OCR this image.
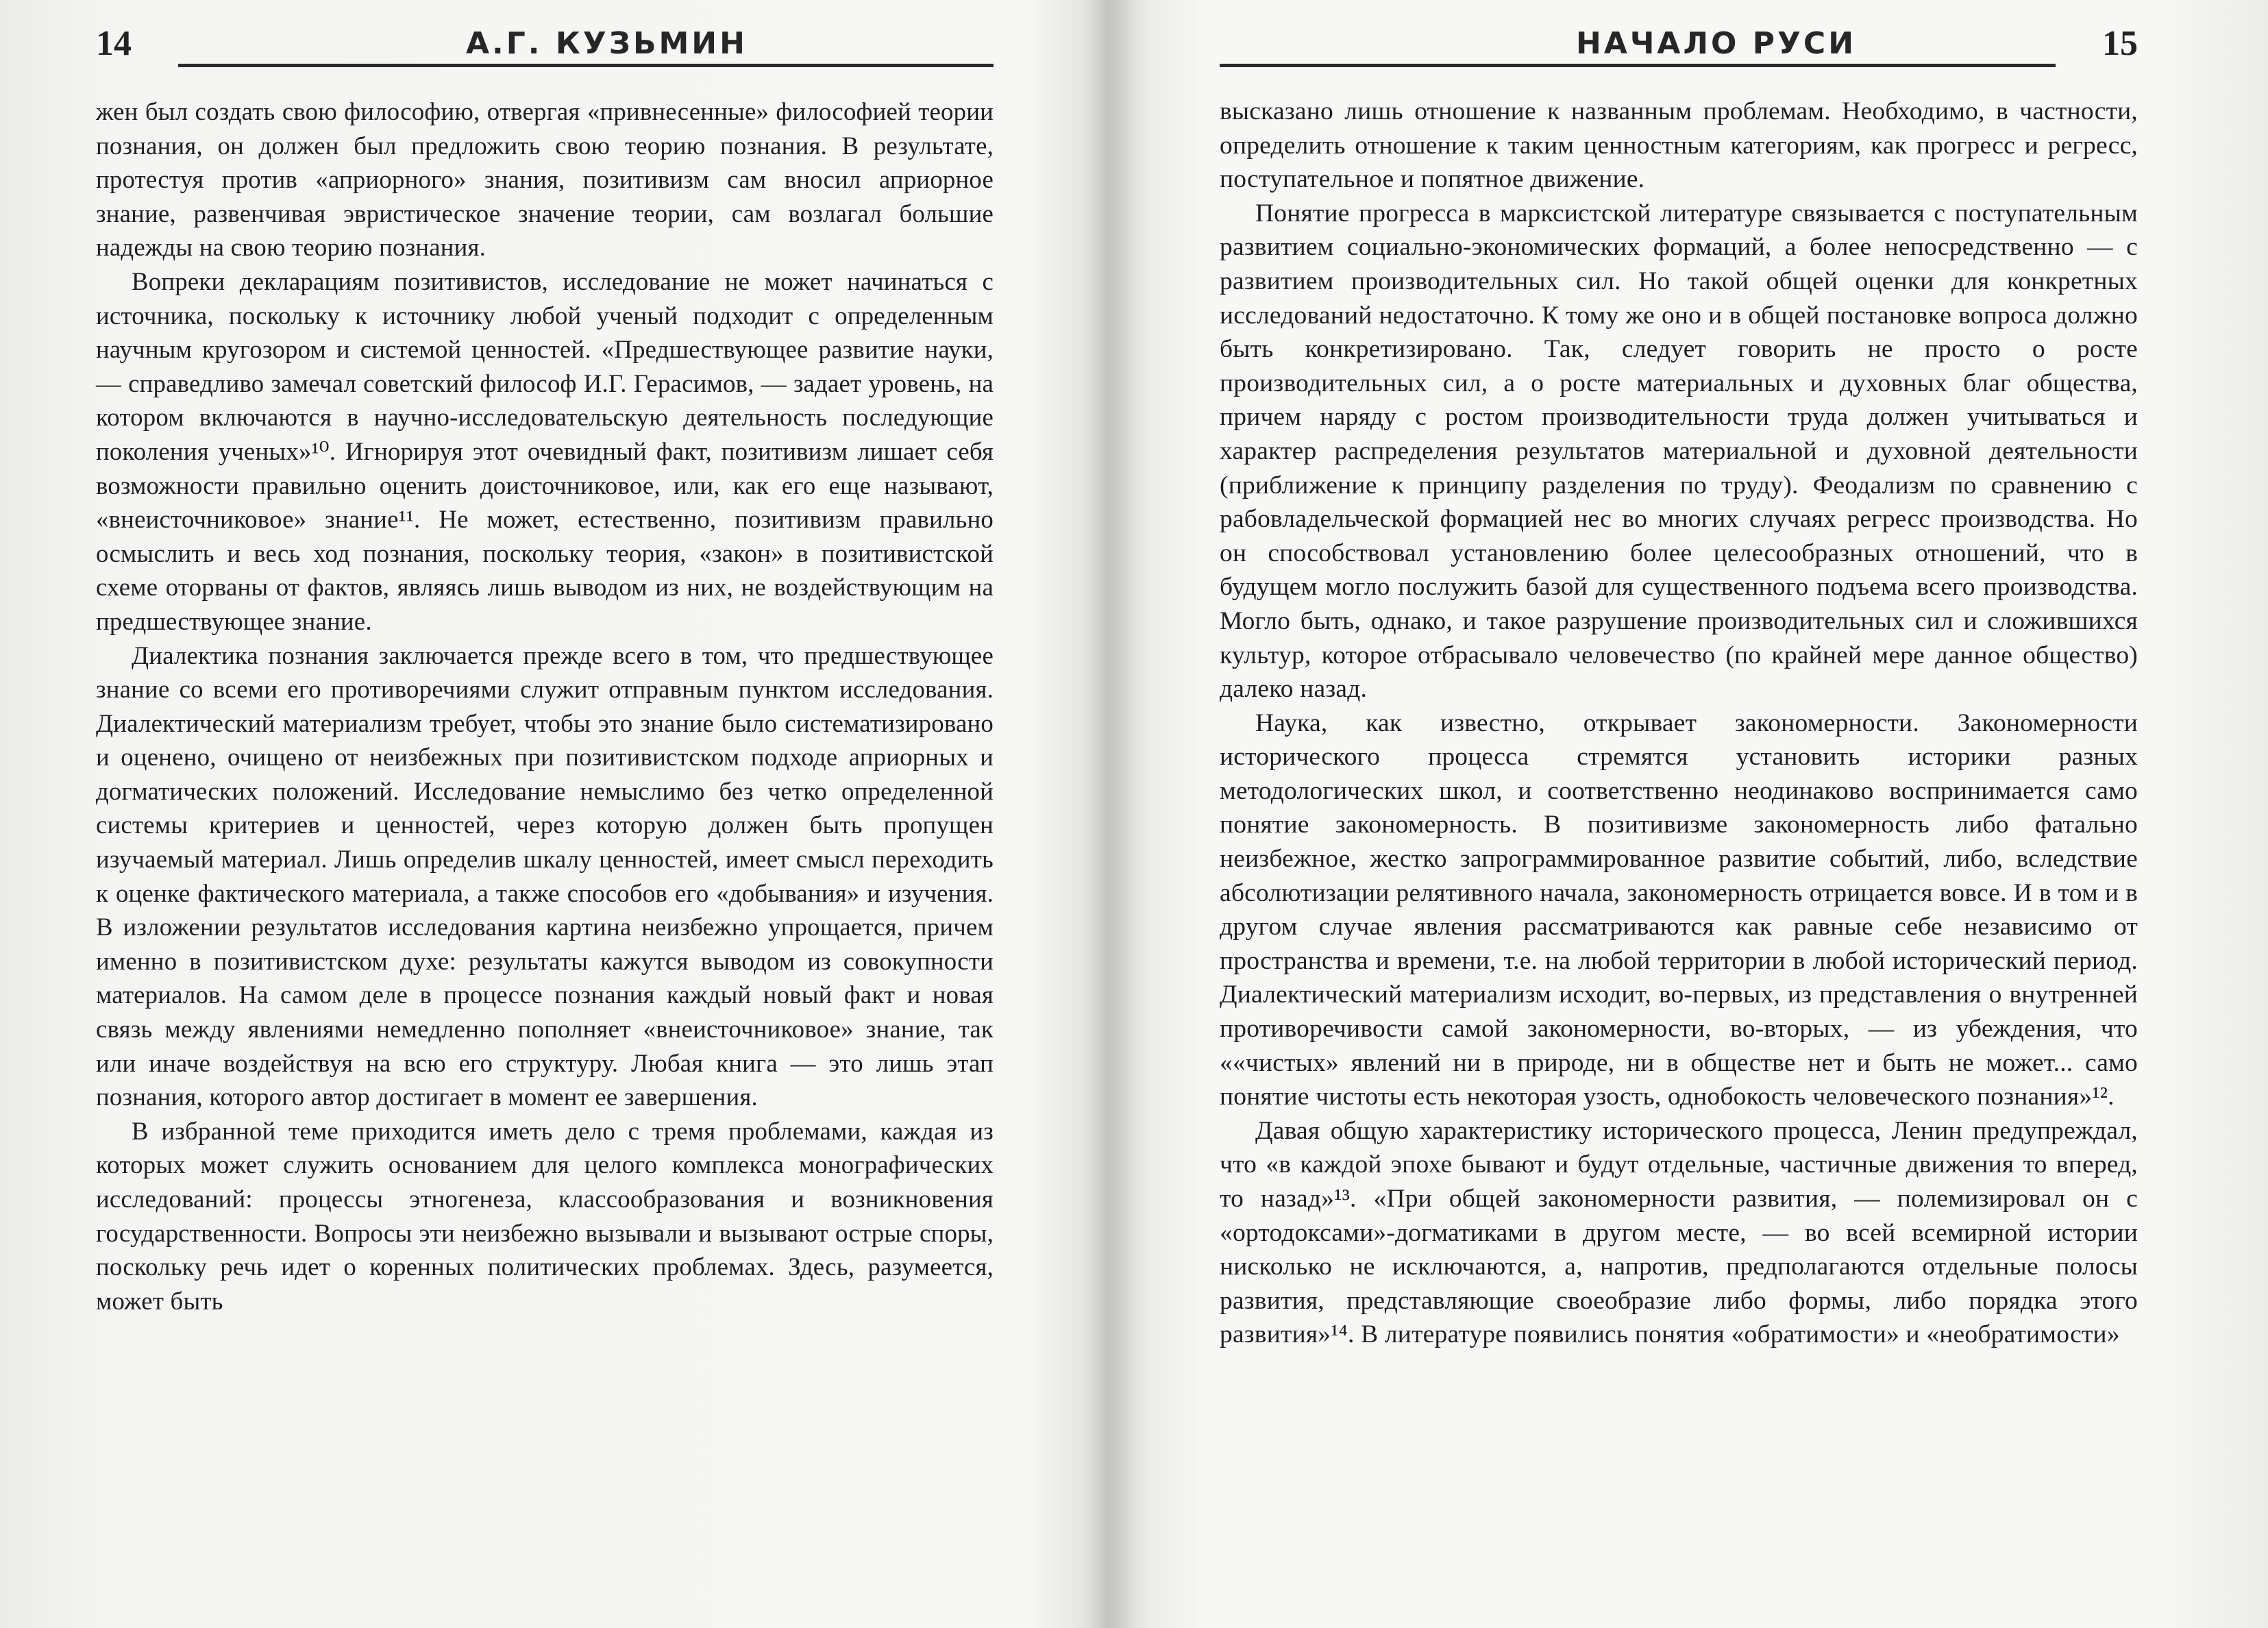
14	А.Г. КУЗЬМИН

жен был создать свою философию, отвергая «привнесенные» философией теории познания, он должен был предложить свою теорию познания. В результате, протестуя против «априорного» знания, позитивизм сам вносил априорное знание, развенчивая эвристическое значение теории, сам возлагал большие надежды на свою теорию познания.

Вопреки декларациям позитивистов, исследование не может начинаться с источника, поскольку к источнику любой ученый подходит с определенным научным кругозором и системой ценностей. «Предшествующее развитие науки, — справедливо замечал советский философ И.Г. Герасимов, — задает уровень, на котором включаются в научно-исследовательскую деятельность последующие поколения ученых»¹⁰. Игнорируя этот очевидный факт, позитивизм лишает себя возможности правильно оценить доисточниковое, или, как его еще называют, «внеисточниковое» знание¹¹. Не может, естественно, позитивизм правильно осмыслить и весь ход познания, поскольку теория, «закон» в позитивистской схеме оторваны от фактов, являясь лишь выводом из них, не воздействующим на предшествующее знание.

Диалектика познания заключается прежде всего в том, что предшествующее знание со всеми его противоречиями служит отправным пунктом исследования. Диалектический материализм требует, чтобы это знание было систематизировано и оценено, очищено от неизбежных при позитивистском подходе априорных и догматических положений. Исследование немыслимо без четко определенной системы критериев и ценностей, через которую должен быть пропущен изучаемый материал. Лишь определив шкалу ценностей, имеет смысл переходить к оценке фактического материала, а также способов его «добывания» и изучения. В изложении результатов исследования картина неизбежно упрощается, причем именно в позитивистском духе: результаты кажутся выводом из совокупности материалов. На самом деле в процессе познания каждый новый факт и новая связь между явлениями немедленно пополняет «внеисточниковое» знание, так или иначе воздействуя на всю его структуру. Любая книга — это лишь этап познания, которого автор достигает в момент ее завершения.

В избранной теме приходится иметь дело с тремя проблемами, каждая из которых может служить основанием для целого комплекса монографических исследований: процессы этногенеза, классообразования и возникновения государственности. Вопросы эти неизбежно вызывали и вызывают острые споры, поскольку речь идет о коренных политических проблемах. Здесь, разумеется, может быть

НАЧАЛО РУСИ	15

высказано лишь отношение к названным проблемам. Необходимо, в частности, определить отношение к таким ценностным категориям, как прогресс и регресс, поступательное и попятное движение.

Понятие прогресса в марксистской литературе связывается с поступательным развитием социально-экономических формаций, а более непосредственно — с развитием производительных сил. Но такой общей оценки для конкретных исследований недостаточно. К тому же оно и в общей постановке вопроса должно быть конкретизировано. Так, следует говорить не просто о росте производительных сил, а о росте материальных и духовных благ общества, причем наряду с ростом производительности труда должен учитываться и характер распределения результатов материальной и духовной деятельности (приближение к принципу разделения по труду). Феодализм по сравнению с рабовладельческой формацией нес во многих случаях регресс производства. Но он способствовал установлению более целесообразных отношений, что в будущем могло послужить базой для существенного подъема всего производства. Могло быть, однако, и такое разрушение производительных сил и сложившихся культур, которое отбрасывало человечество (по крайней мере данное общество) далеко назад.

Наука, как известно, открывает закономерности. Закономерности исторического процесса стремятся установить историки разных методологических школ, и соответственно неодинаково воспринимается само понятие закономерность. В позитивизме закономерность либо фатально неизбежное, жестко запрограммированное развитие событий, либо, вследствие абсолютизации релятивного начала, закономерность отрицается вовсе. И в том и в другом случае явления рассматриваются как равные себе независимо от пространства и времени, т.е. на любой территории в любой исторический период. Диалектический материализм исходит, во-первых, из представления о внутренней противоречивости самой закономерности, во-вторых, — из убеждения, что ««чистых» явлений ни в природе, ни в обществе нет и быть не может... само понятие чистоты есть некоторая узость, однобокость человеческого познания»¹².

Давая общую характеристику исторического процесса, Ленин предупреждал, что «в каждой эпохе бывают и будут отдельные, частичные движения то вперед, то назад»¹³. «При общей закономерности развития, — полемизировал он с «ортодоксами»-догматиками в другом месте, — во всей всемирной истории нисколько не исключаются, а, напротив, предполагаются отдельные полосы развития, представляющие своеобразие либо формы, либо порядка этого развития»¹⁴. В литературе появились понятия «обратимости» и «необратимости»
